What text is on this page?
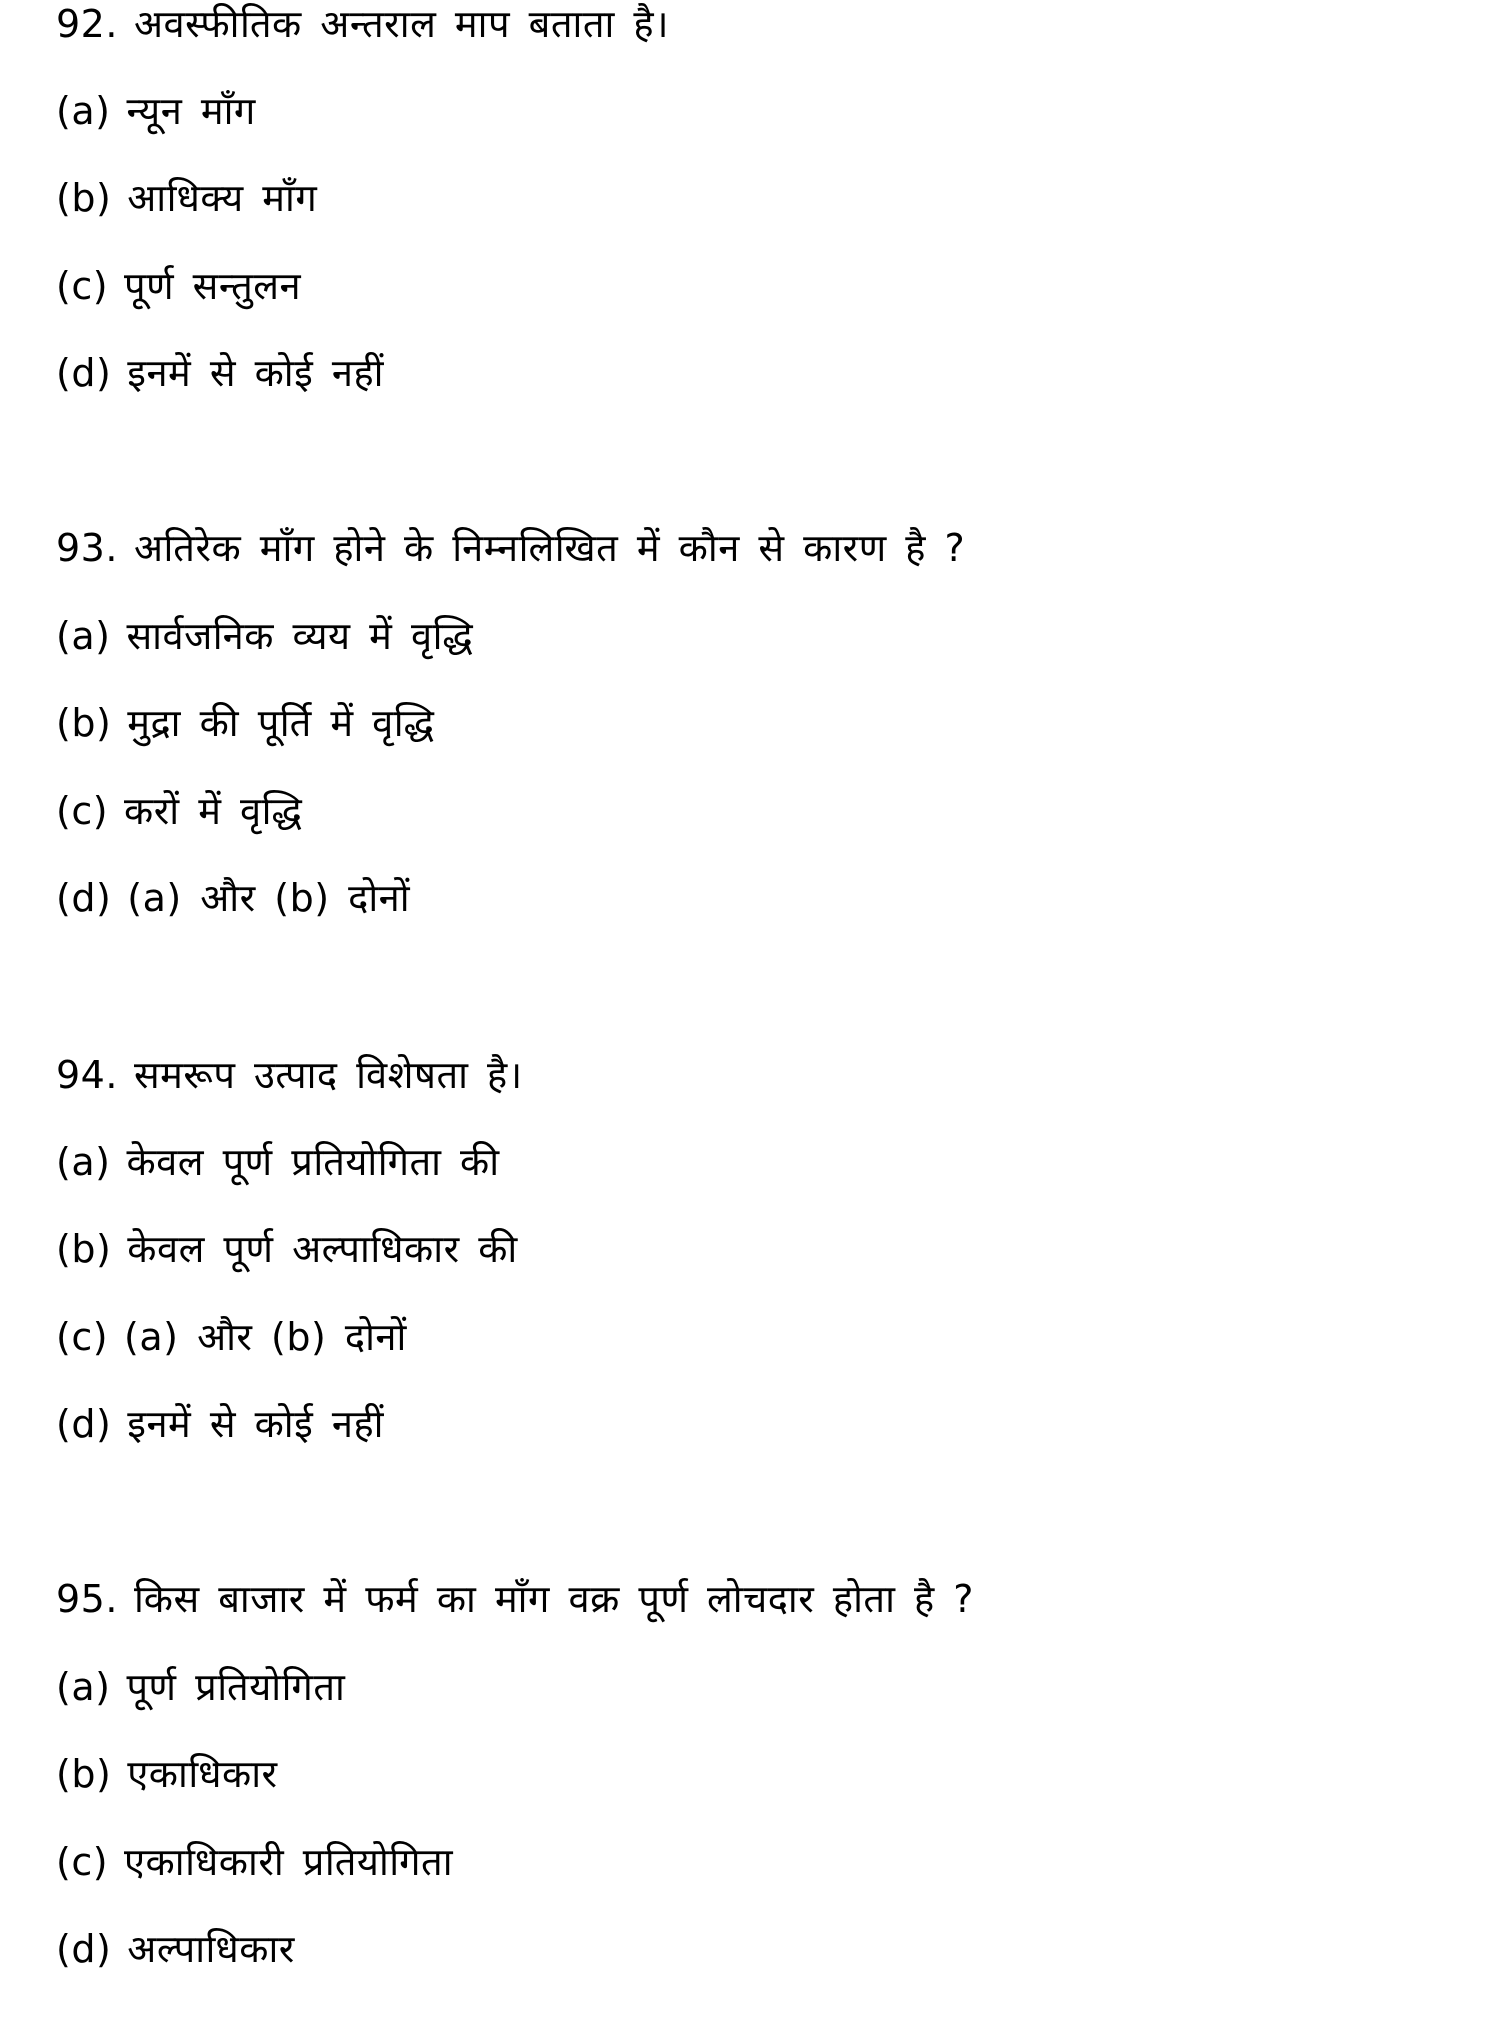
92. अवस्फीतिक अन्तराल माप बताता है।
(a) न्यून माँग
(b) आधिक्य माँग
(c) पूर्ण सन्तुलन
(d) इनमें से कोई नहीं
93. अतिरेक माँग होने के निम्नलिखित में कौन से कारण है ?
(a) सार्वजनिक व्यय में वृद्धि
(b) मुद्रा की पूर्ति में वृद्धि
(c) करों में वृद्धि
(d) (a) और (b) दोनों
94. समरूप उत्पाद विशेषता है।
(a) केवल पूर्ण प्रतियोगिता की
(b) केवल पूर्ण अल्पाधिकार की
(c) (a) और (b) दोनों
(d) इनमें से कोई नहीं
95. किस बाजार में फर्म का माँग वक्र पूर्ण लोचदार होता है ?
(a) पूर्ण प्रतियोगिता
(b) एकाधिकार
(c) एकाधिकारी प्रतियोगिता
(d) अल्पाधिकार
